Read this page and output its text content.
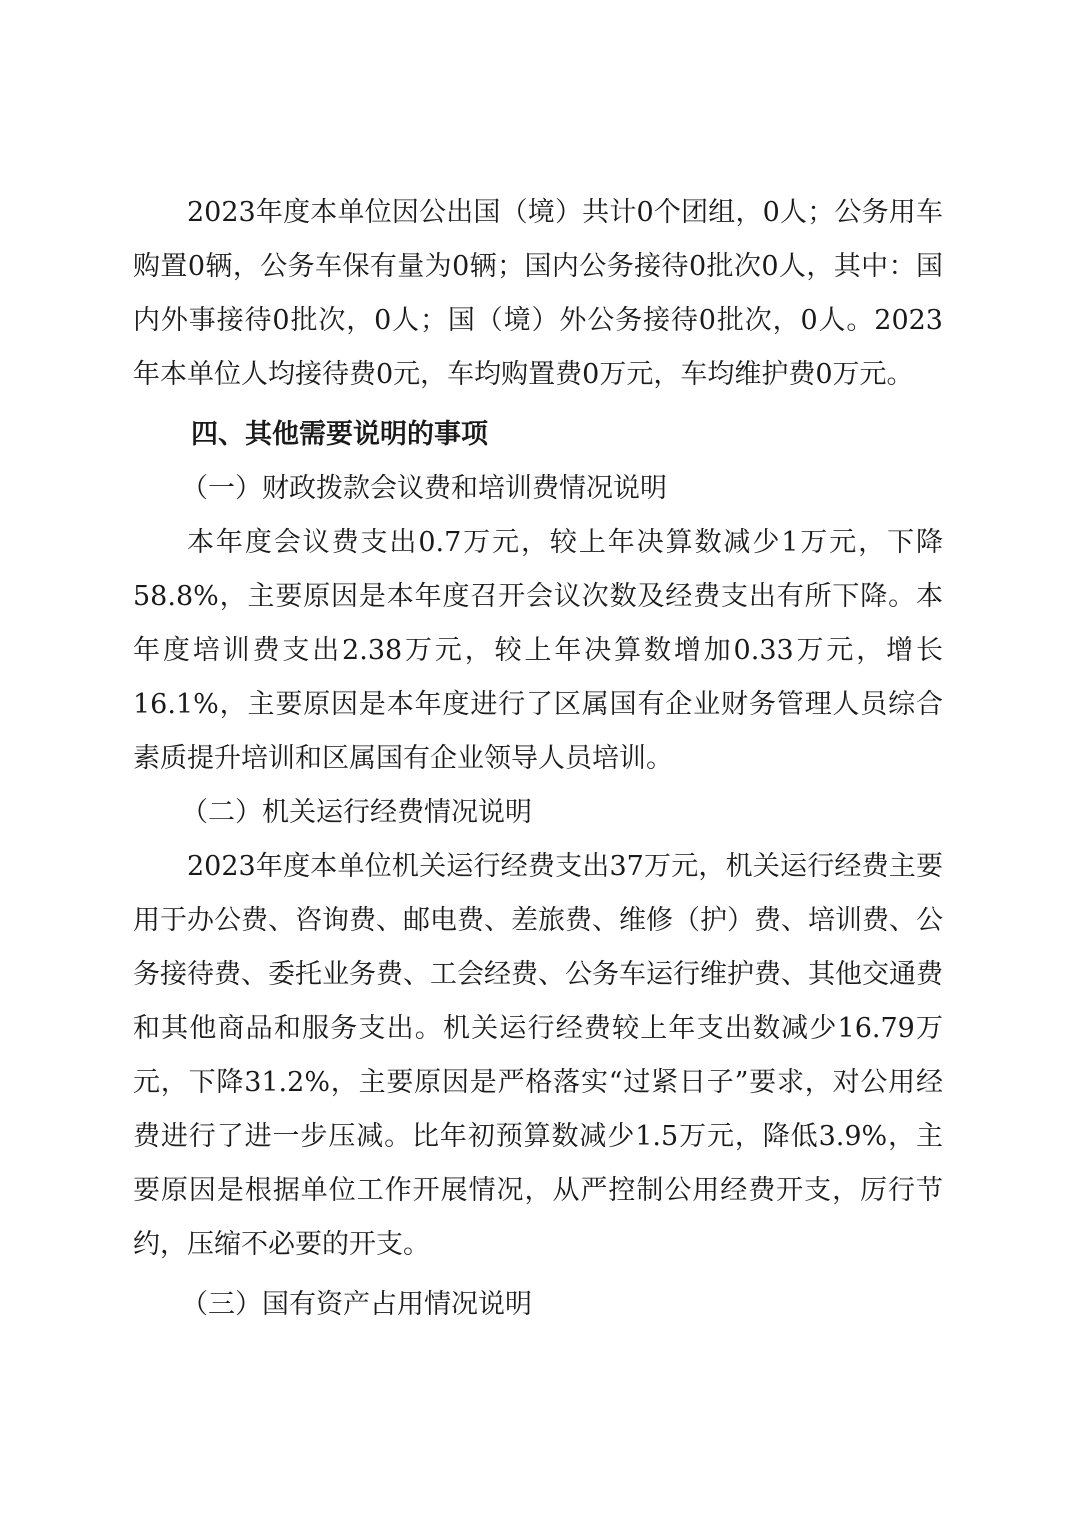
2023年度本单位因公出国（境）共计0个团组，0人；公务用车购置0辆，公务车保有量为0辆；国内公务接待0批次0人，其中：国内外事接待0批次，0人；国（境）外公务接待0批次，0人。2023年本单位人均接待费0元，车均购置费0万元，车均维护费0万元。

四、其他需要说明的事项

（一）财政拨款会议费和培训费情况说明

本年度会议费支出0.7万元，较上年决算数减少1万元，下降58.8%，主要原因是本年度召开会议次数及经费支出有所下降。本年度培训费支出2.38万元，较上年决算数增加0.33万元，增长16.1%，主要原因是本年度进行了区属国有企业财务管理人员综合素质提升培训和区属国有企业领导人员培训。

（二）机关运行经费情况说明

2023年度本单位机关运行经费支出37万元，机关运行经费主要用于办公费、咨询费、邮电费、差旅费、维修（护）费、培训费、公务接待费、委托业务费、工会经费、公务车运行维护费、其他交通费和其他商品和服务支出。机关运行经费较上年支出数减少16.79万元，下降31.2%，主要原因是严格落实“过紧日子”要求，对公用经费进行了进一步压减。比年初预算数减少1.5万元，降低3.9%，主要原因是根据单位工作开展情况，从严控制公用经费开支，厉行节约，压缩不必要的开支。

（三）国有资产占用情况说明
